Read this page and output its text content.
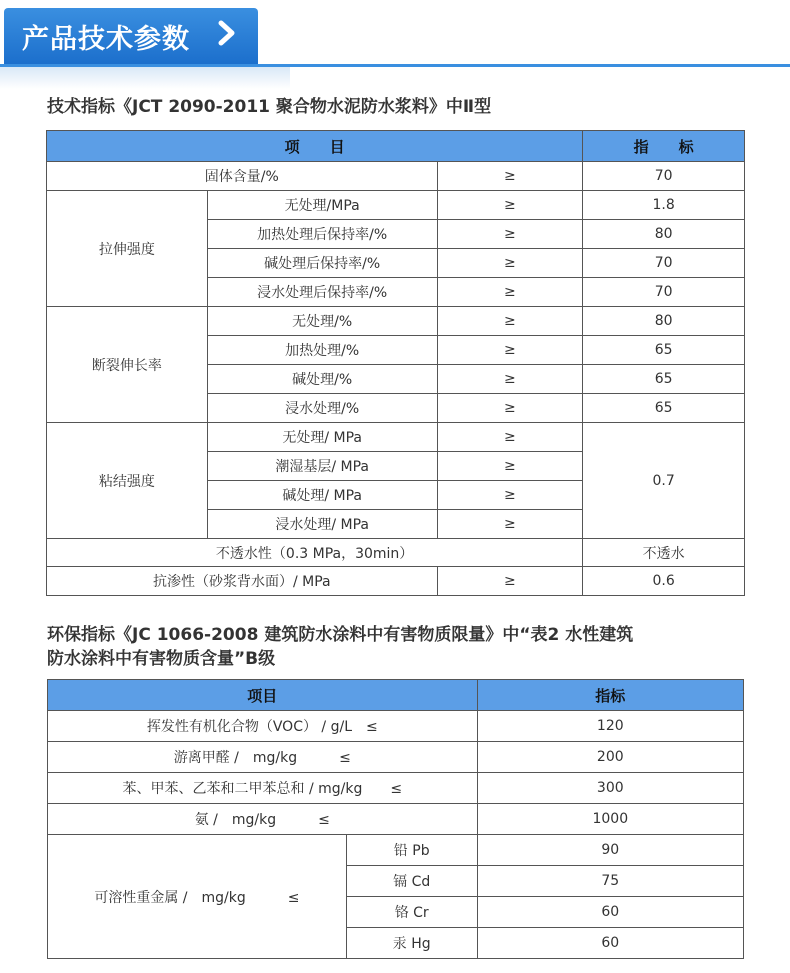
产品技术参数
技术指标《JCT 2090-2011 聚合物水泥防水浆料》中Ⅱ型
项　　目			指　　标
固体含量/%		≥	70
拉伸强度	无处理/MPa	≥	1.8
	加热处理后保持率/%	≥	80
	碱处理后保持率/%	≥	70
	浸水处理后保持率/%	≥	70
断裂伸长率	无处理/%	≥	80
	加热处理/%	≥	65
	碱处理/%	≥	65
	浸水处理/%	≥	65
粘结强度	无处理/ MPa	≥	0.7
	潮湿基层/ MPa	≥	
	碱处理/ MPa	≥	
	浸水处理/ MPa	≥	
不透水性（0.3 MPa，30min）			不透水
抗渗性（砂浆背水面）/ MPa		≥	0.6
环保指标《JC 1066-2008 建筑防水涂料中有害物质限量》中“表2 水性建筑
防水涂料中有害物质含量”B级
项目		指标
挥发性有机化合物（VOC） / g/L　≤		120
游离甲醛 /　mg/kg　　　≤		200
苯、甲苯、乙苯和二甲苯总和 / mg/kg　　≤		300
氨 /　mg/kg　　　≤		1000
可溶性重金属 /　mg/kg　　　≤	铅 Pb	90
	镉 Cd	75
	铬 Cr	60
	汞 Hg	60
